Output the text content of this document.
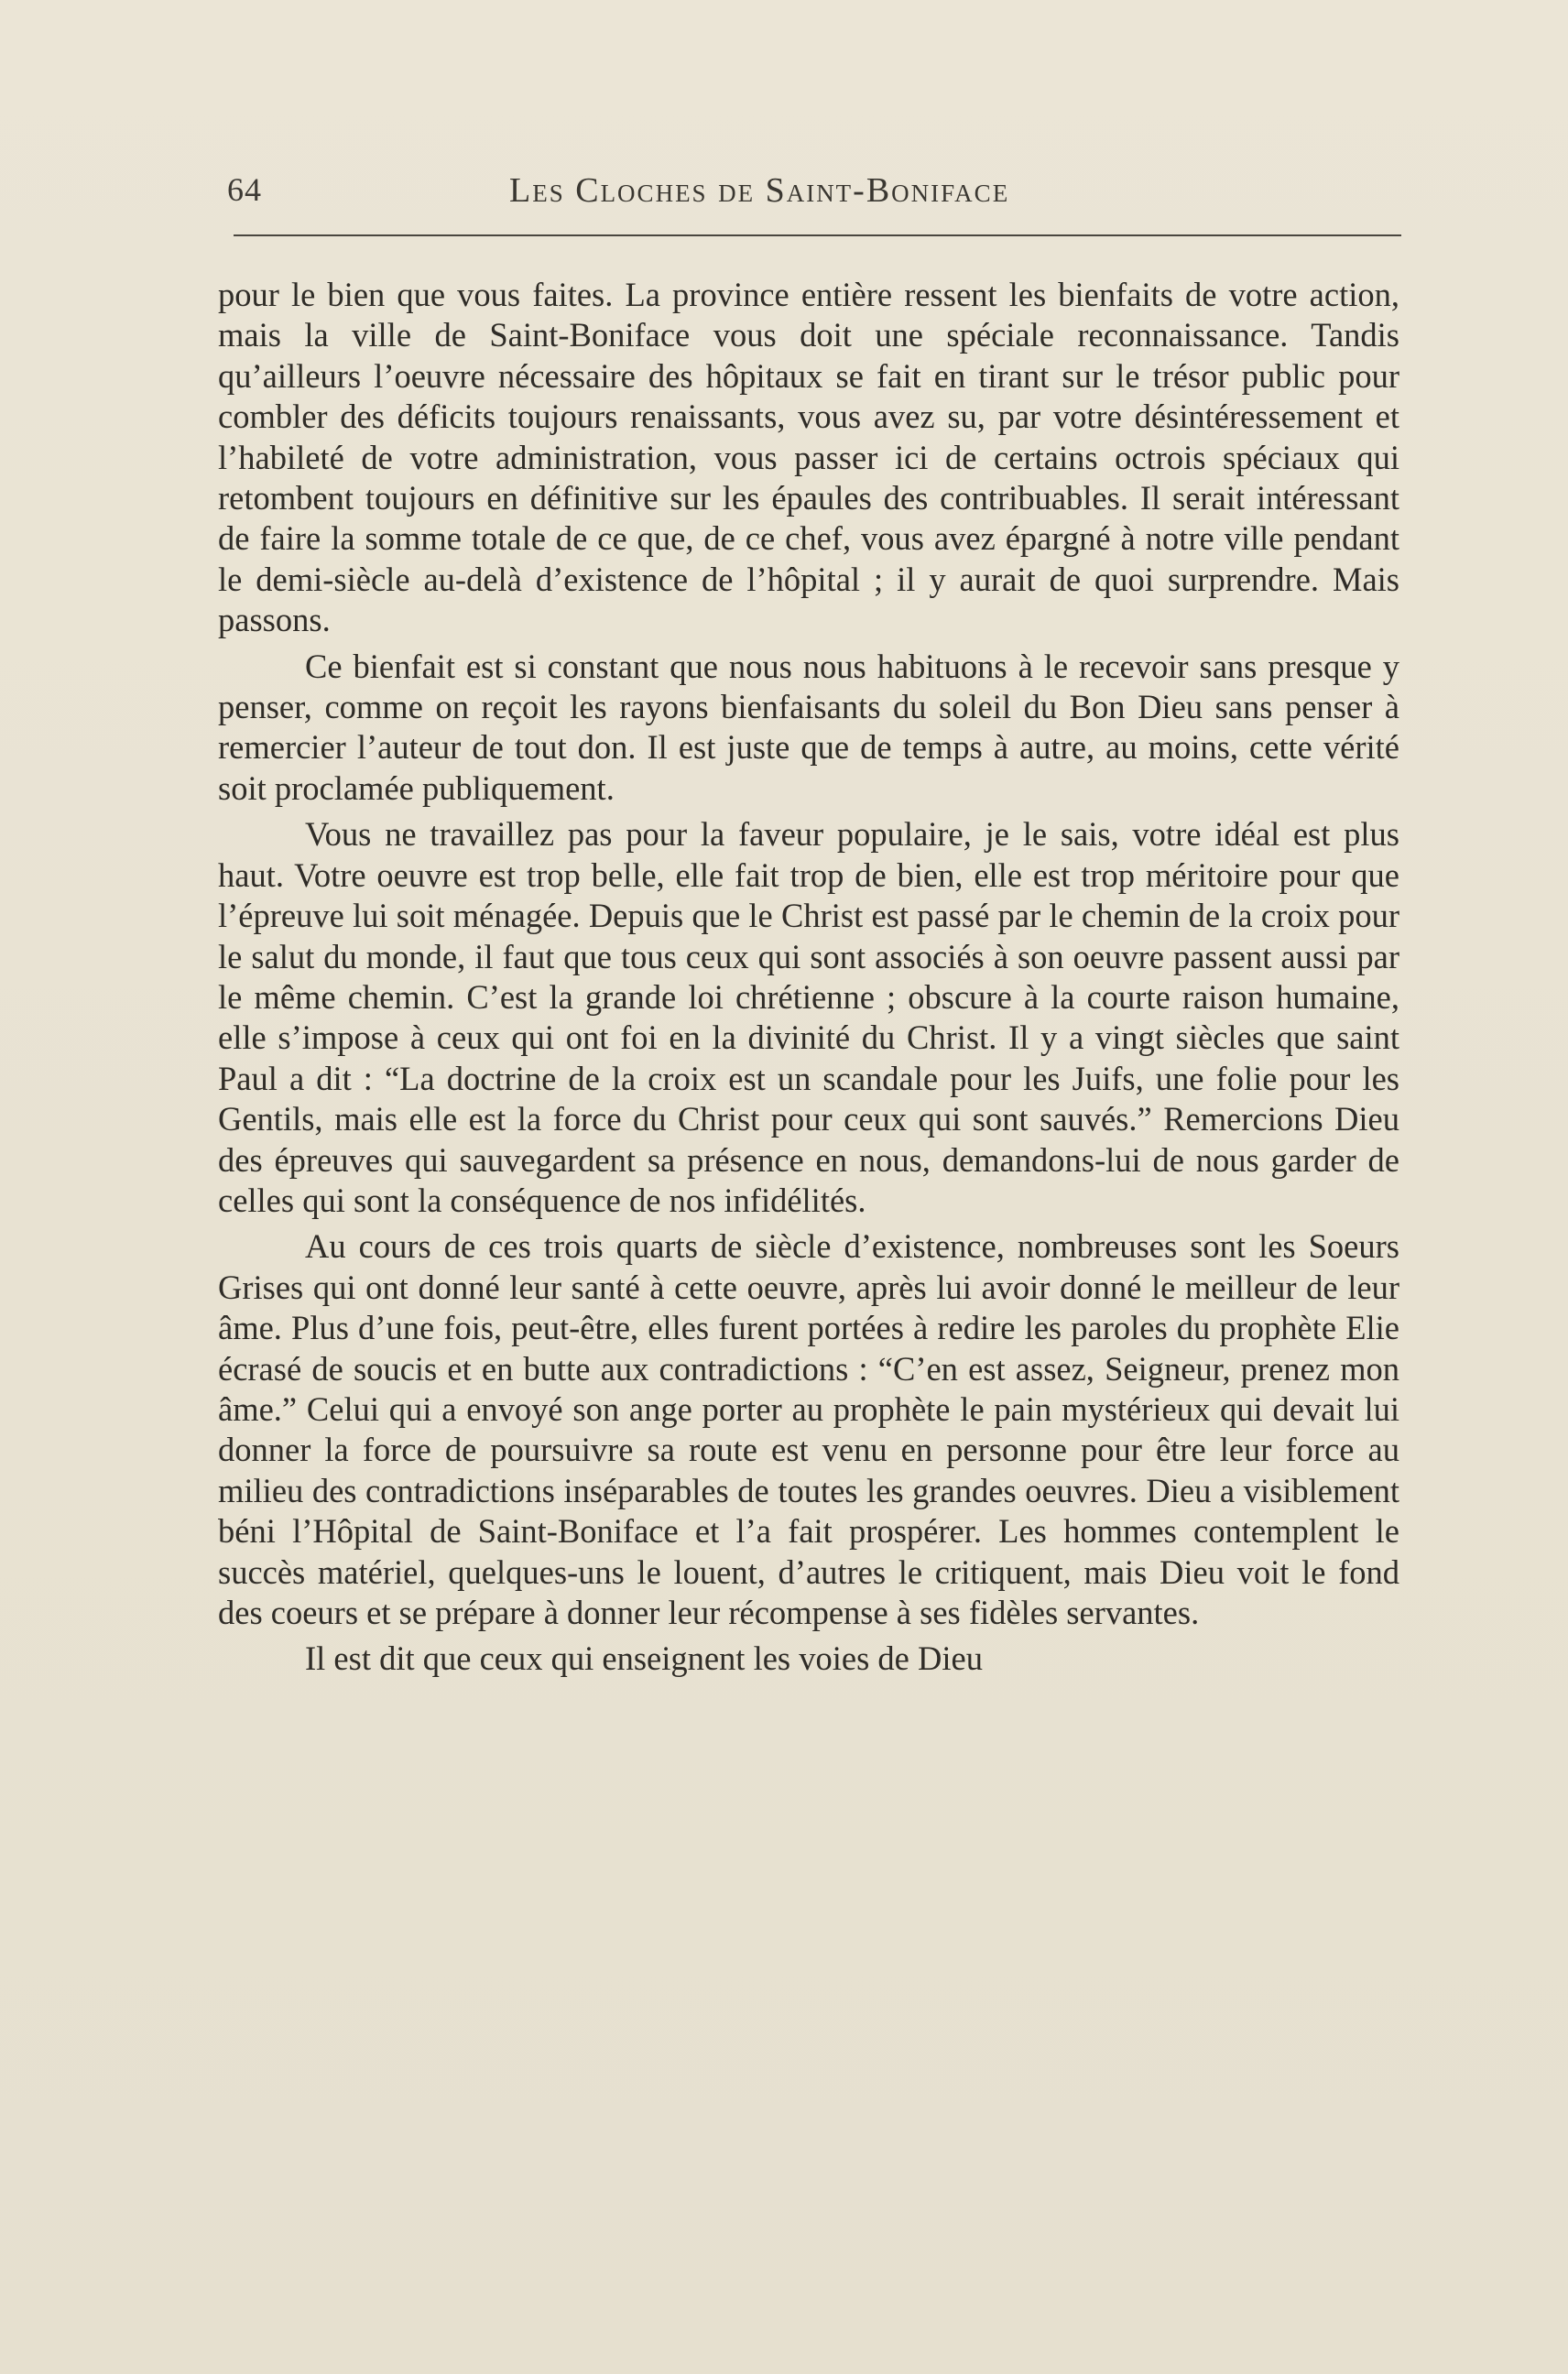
64	Les Cloches de Saint-Boniface

pour le bien que vous faites. La province entière ressent les bienfaits de votre action, mais la ville de Saint-Boniface vous doit une spéciale reconnaissance. Tandis qu’ailleurs l’oeuvre nécessaire des hôpitaux se fait en tirant sur le trésor public pour combler des déficits toujours renaissants, vous avez su, par votre désintéressement et l’habileté de votre administration, vous passer ici de certains octrois spéciaux qui retombent toujours en définitive sur les épaules des contribuables. Il serait intéressant de faire la somme totale de ce que, de ce chef, vous avez épargné à notre ville pendant le demi-siècle au-delà d’existence de l’hôpital ; il y aurait de quoi surprendre. Mais passons.

Ce bienfait est si constant que nous nous habituons à le recevoir sans presque y penser, comme on reçoit les rayons bienfaisants du soleil du Bon Dieu sans penser à remercier l’auteur de tout don. Il est juste que de temps à autre, au moins, cette vérité soit proclamée publiquement.

Vous ne travaillez pas pour la faveur populaire, je le sais, votre idéal est plus haut. Votre oeuvre est trop belle, elle fait trop de bien, elle est trop méritoire pour que l’épreuve lui soit ménagée. Depuis que le Christ est passé par le chemin de la croix pour le salut du monde, il faut que tous ceux qui sont associés à son oeuvre passent aussi par le même chemin. C’est la grande loi chrétienne ; obscure à la courte raison humaine, elle s’impose à ceux qui ont foi en la divinité du Christ. Il y a vingt siècles que saint Paul a dit : “La doctrine de la croix est un scandale pour les Juifs, une folie pour les Gentils, mais elle est la force du Christ pour ceux qui sont sauvés.” Remercions Dieu des épreuves qui sauvegardent sa présence en nous, demandons-lui de nous garder de celles qui sont la conséquence de nos infidélités.

Au cours de ces trois quarts de siècle d’existence, nombreuses sont les Soeurs Grises qui ont donné leur santé à cette oeuvre, après lui avoir donné le meilleur de leur âme. Plus d’une fois, peut-être, elles furent portées à redire les paroles du prophète Elie écrasé de soucis et en butte aux contradictions : “C’en est assez, Seigneur, prenez mon âme.” Celui qui a envoyé son ange porter au prophète le pain mystérieux qui devait lui donner la force de poursuivre sa route est venu en personne pour être leur force au milieu des contradictions inséparables de toutes les grandes oeuvres. Dieu a visiblement béni l’Hôpital de Saint-Boniface et l’a fait prospérer. Les hommes contemplent le succès matériel, quelques-uns le louent, d’autres le critiquent, mais Dieu voit le fond des coeurs et se prépare à donner leur récompense à ses fidèles servantes.

Il est dit que ceux qui enseignent les voies de Dieu
